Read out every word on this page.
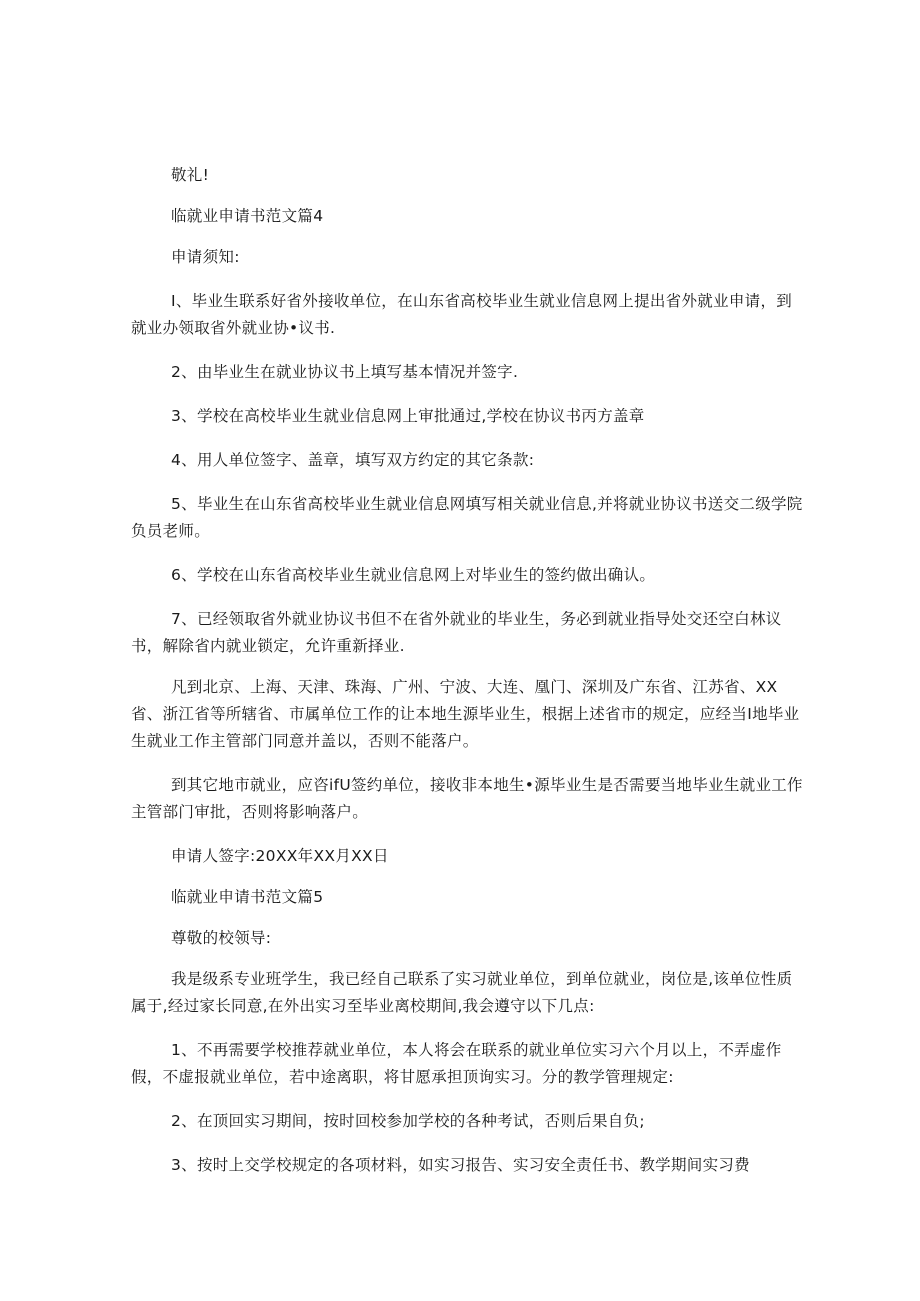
敬礼!

临就业申请书范文篇4

申请须知:

I、毕业生联系好省外接收单位，在山东省高校毕业生就业信息网上提出省外就业申请，到就业办领取省外就业协•议书.

2、由毕业生在就业协议书上填写基本情况并签字.

3、学校在高校毕业生就业信息网上审批通过,学校在协议书丙方盖章

4、用人单位签字、盖章，填写双方约定的其它条款:

5、毕业生在山东省高校毕业生就业信息网填写相关就业信息,并将就业协议书送交二级学院负员老师。

6、学校在山东省高校毕业生就业信息网上对毕业生的签约做出确认。

7、已经领取省外就业协议书但不在省外就业的毕业生，务必到就业指导处交还空白林议书，解除省内就业锁定，允许重新择业.

凡到北京、上海、天津、珠海、广州、宁波、大连、凰门、深圳及广东省、江苏省、XX省、浙江省等所辖省、市属单位工作的让本地生源毕业生，根据上述省市的规定，应经当I地毕业生就业工作主管部门同意并盖以，否则不能落户。

到其它地市就业，应咨ifU签约单位，接收非本地生•源毕业生是否需要当地毕业生就业工作主管部门审批，否则将影响落户。

申请人签字:20XX年XX月XX日

临就业申请书范文篇5

尊敬的校领导:

我是级系专业班学生，我已经自己联系了实习就业单位，到单位就业，岗位是,该单位性质属于,经过家长同意,在外出实习至毕业离校期间,我会遵守以下几点:

1、不再需要学校推荐就业单位，本人将会在联系的就业单位实习六个月以上，不弄虚作假，不虚报就业单位，若中途离职，将甘愿承担顶询实习。分的教学管理规定:

2、在顶回实习期间，按时回校参加学校的各种考试，否则后果自负;

3、按时上交学校规定的各项材料，如实习报告、实习安全责任书、教学期间实习费
